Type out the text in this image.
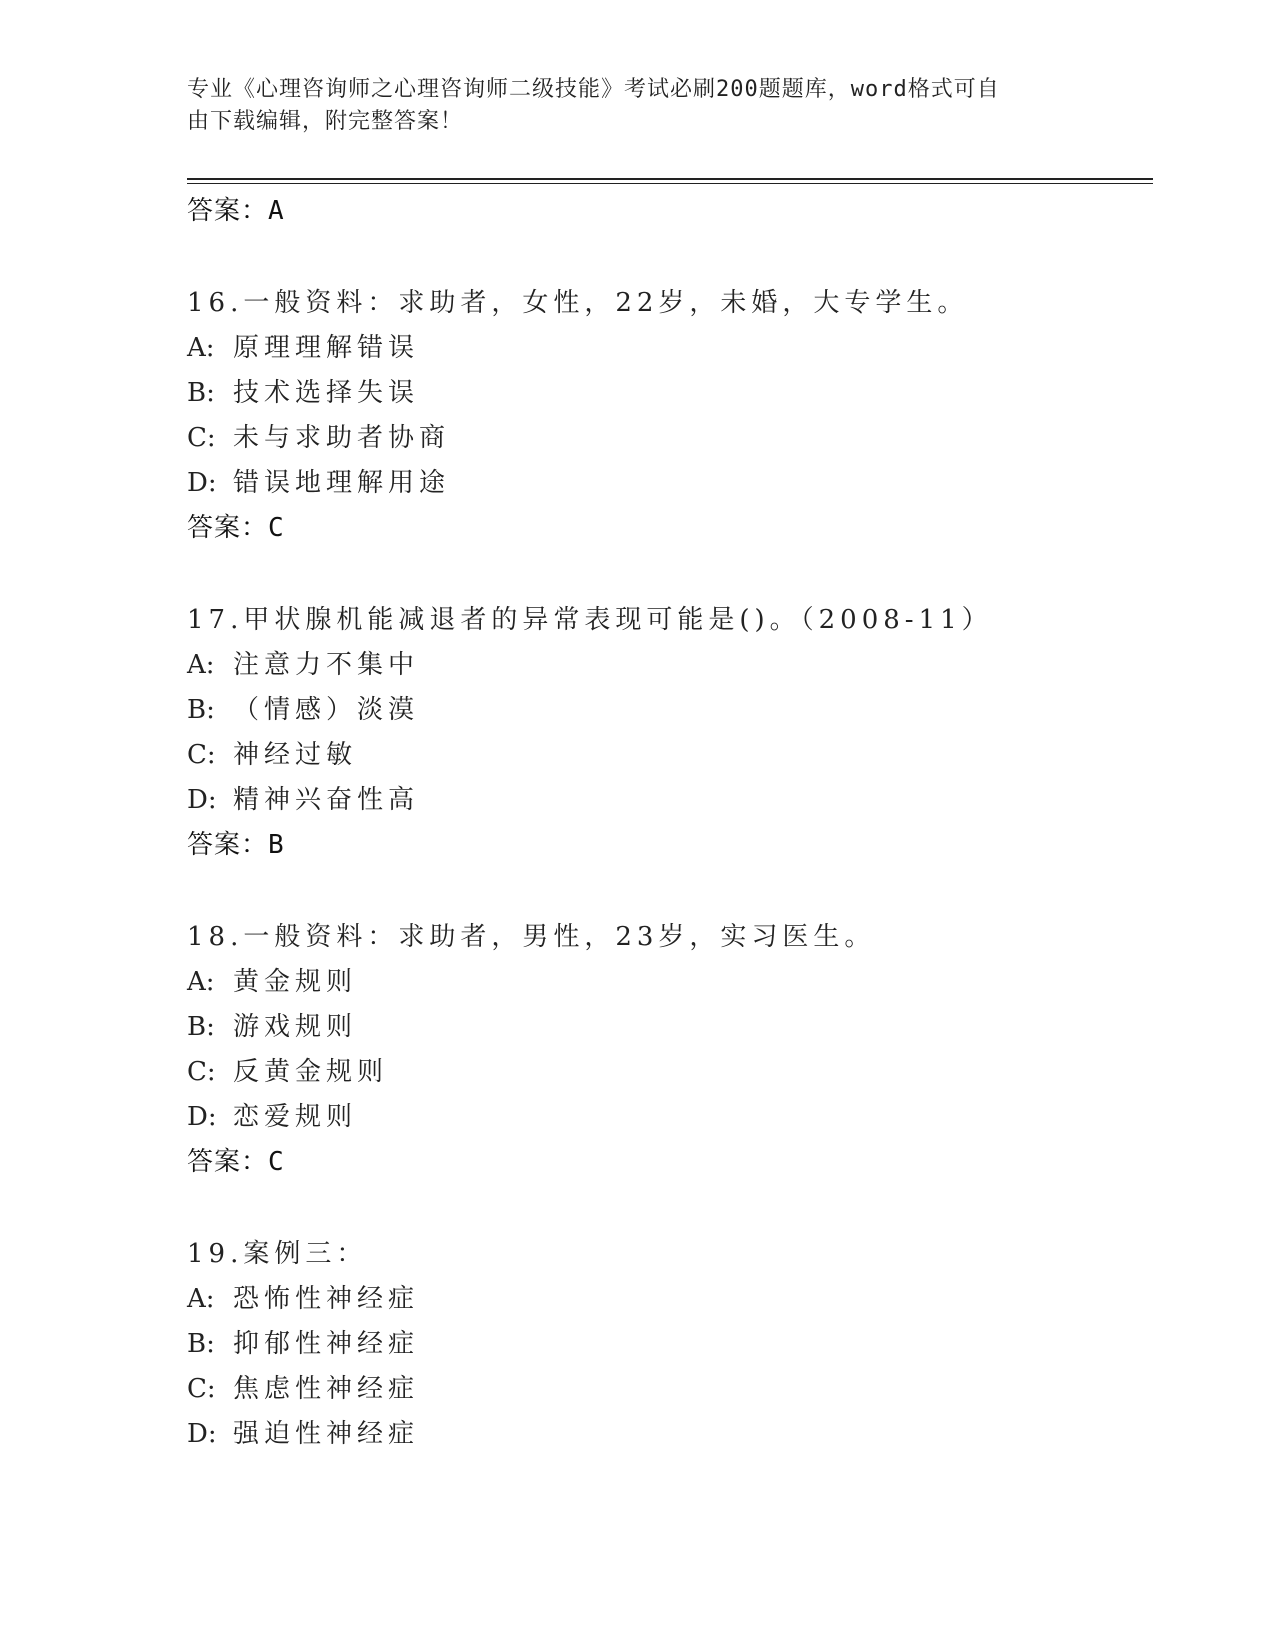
专业《心理咨询师之心理咨询师二级技能》考试必刷200题题库，word格式可自
由下载编辑，附完整答案！
答案：A
16.一般资料：求助者，女性，22岁，未婚，大专学生。
A: 原理理解错误
B: 技术选择失误
C: 未与求助者协商
D: 错误地理解用途
答案：C
17.甲状腺机能减退者的异常表现可能是()。（2008-11）
A: 注意力不集中
B: （情感）淡漠
C: 神经过敏
D: 精神兴奋性高
答案：B
18.一般资料：求助者，男性，23岁，实习医生。
A: 黄金规则
B: 游戏规则
C: 反黄金规则
D: 恋爱规则
答案：C
19.案例三：
A: 恐怖性神经症
B: 抑郁性神经症
C: 焦虑性神经症
D: 强迫性神经症
